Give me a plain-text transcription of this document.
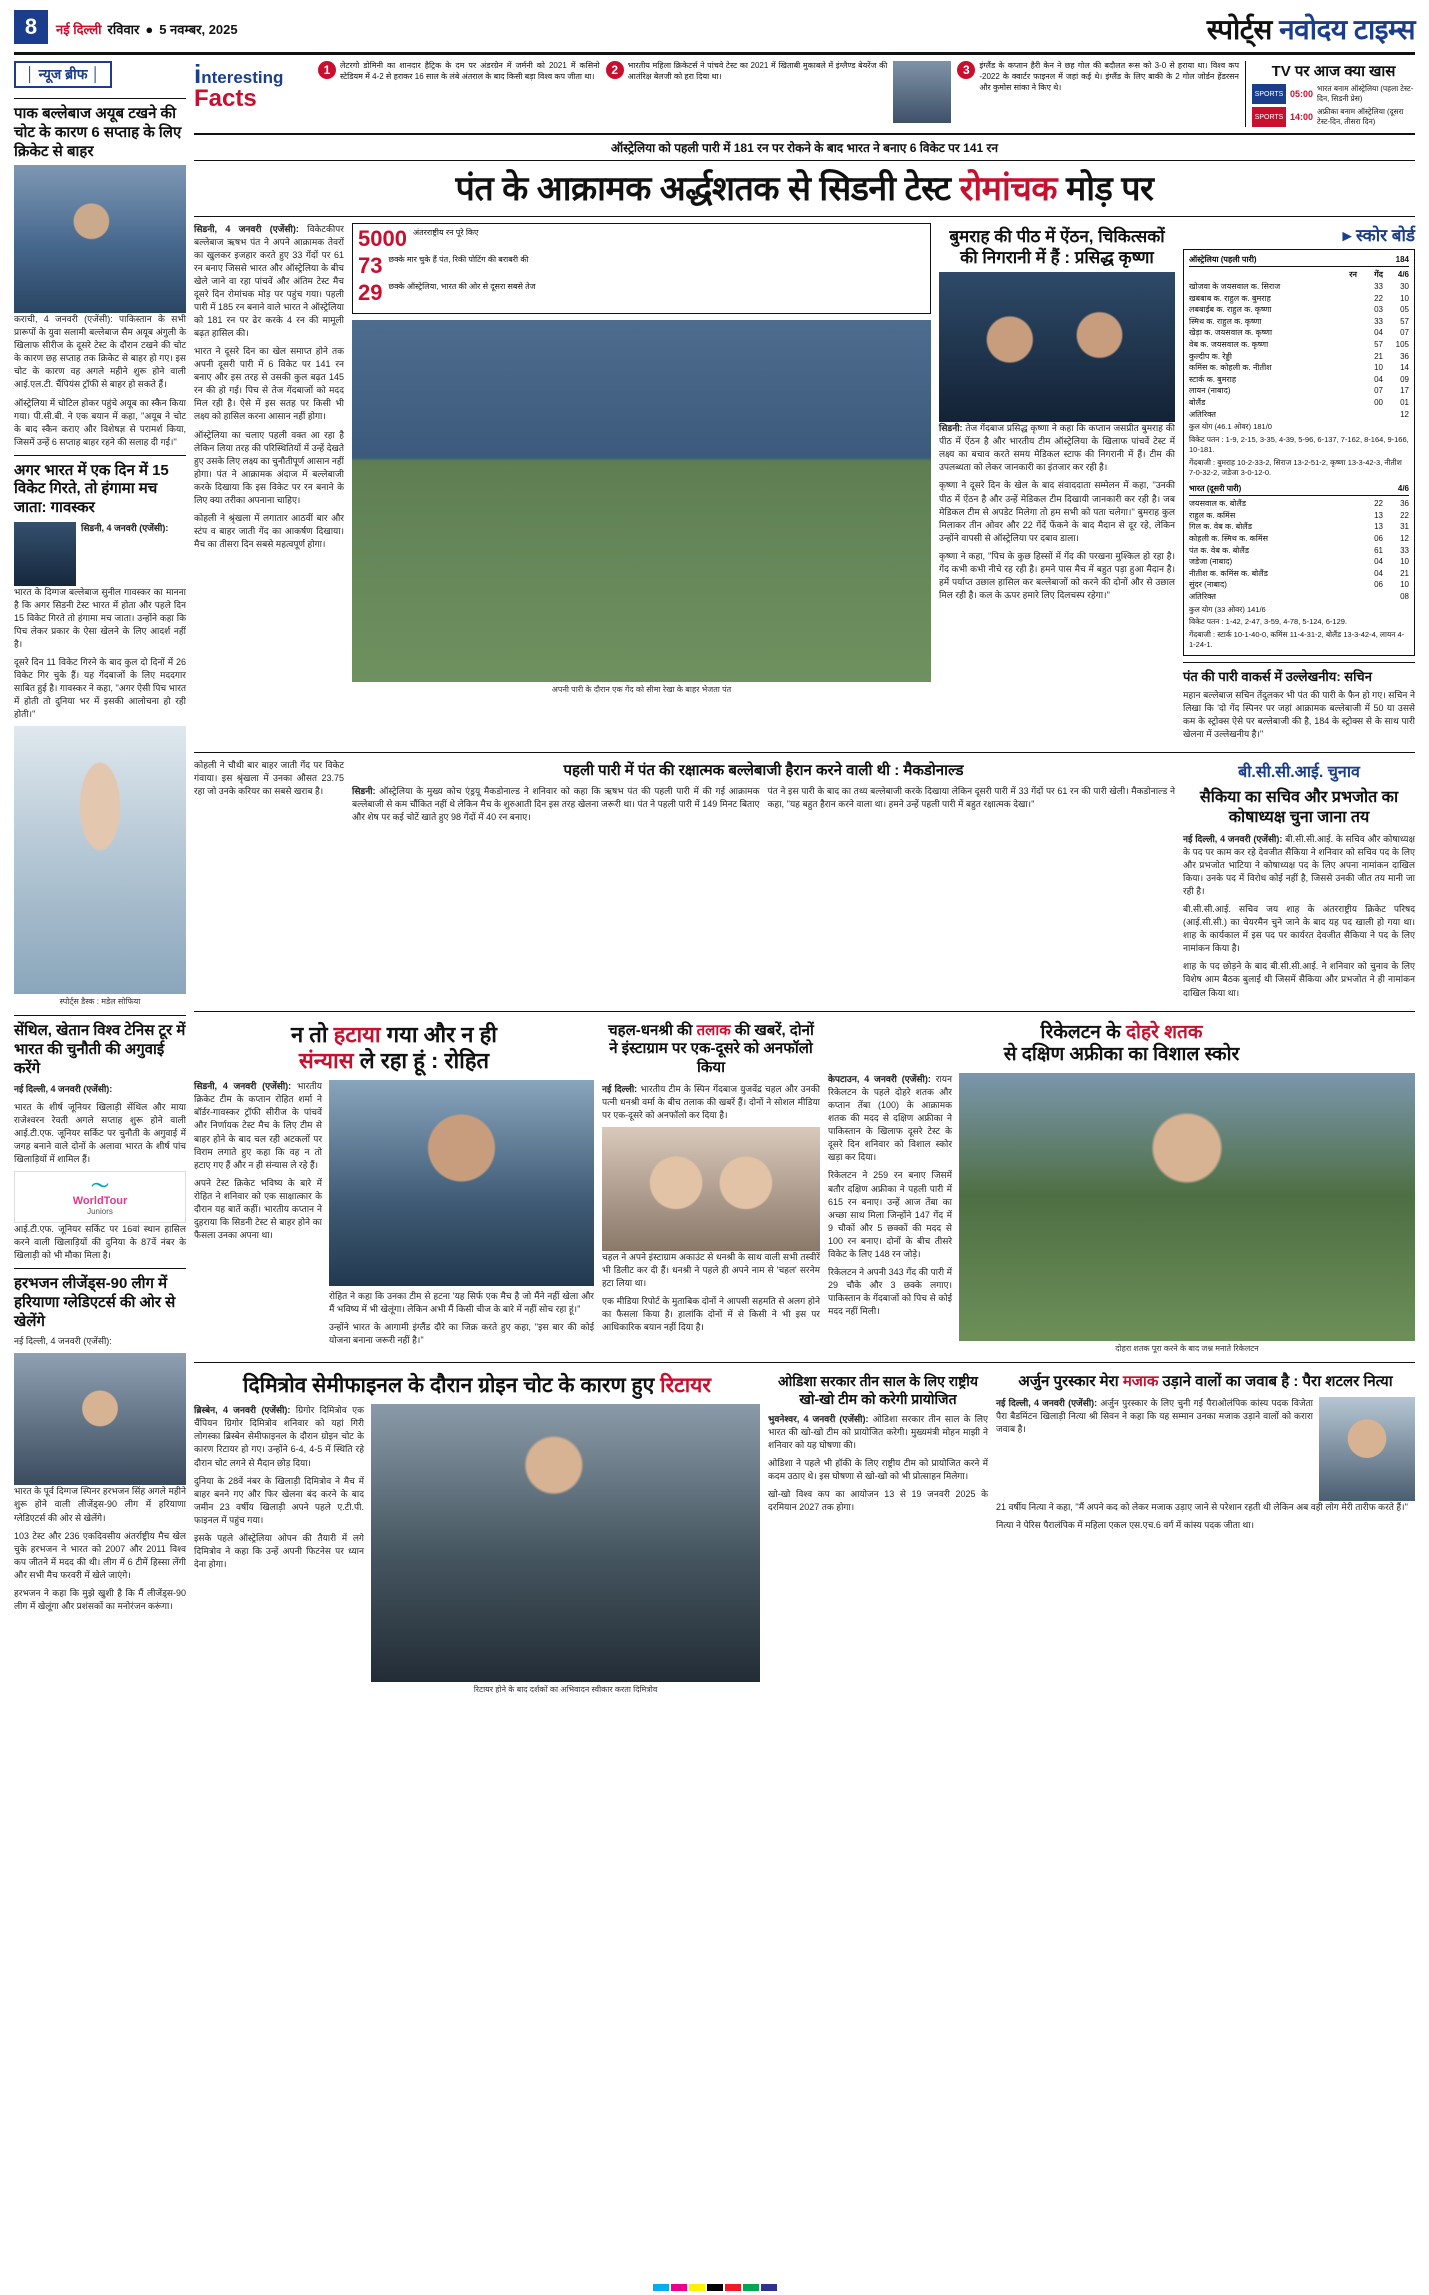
8	नई दिल्ली रविवार ● 5 नवम्बर, 2025	स्पोर्ट्स नवोदय टाइम्स
│ न्यूज ब्रीफ │
पाक बल्लेबाज अयूब टखने की चोट के कारण 6 सप्ताह के लिए क्रिकेट से बाहर

कराची, 4 जनवरी (एजेंसी): पाकिस्तान के सभी प्रारूपों के युवा सलामी बल्लेबाज सैम अयूब अंगुली के खिलाफ सीरीज के दूसरे टेस्ट के दौरान टखने की चोट के कारण छह सप्ताह तक क्रिकेट से बाहर हो गए। इस चोट के कारण वह अगले महीने शुरू होने वाली आई.एल.टी. चैंपियंस ट्रॉफी से बाहर हो सकते हैं।

ऑस्ट्रेलिया में चोटिल होकर पहुंचे अयूब का स्कैन किया गया। पी.सी.बी. ने एक बयान में कहा, ''अयूब ने चोट के बाद स्कैन कराए और विशेषज्ञ से परामर्श किया, जिसमें उन्हें 6 सप्ताह बाहर रहने की सलाह दी गई।''

अगर भारत में एक दिन में 15 विकेट गिरते, तो हंगामा मच जाता: गावस्कर

सिडनी, 4 जनवरी (एजेंसी):

भारत के दिग्गज बल्लेबाज सुनील गावस्कर का मानना है कि अगर सिडनी टेस्ट भारत में होता और पहले दिन 15 विकेट गिरते तो हंगामा मच जाता। उन्होंने कहा कि पिच लेकर प्रकार के ऐसा खेलने के लिए आदर्श नहीं है।

दूसरे दिन 11 विकेट गिरने के बाद कुल दो दिनों में 26 विकेट गिर चुके हैं। यह गेंदबाजों के लिए मददगार साबित हुई है। गावस्कर ने कहा, ''अगर ऐसी पिच भारत में होती तो दुनिया भर में इसकी आलोचना हो रही होती।''

स्पोर्ट्स डैस्क : मडेल सोफिया
सेंथिल, खेतान विश्व टेनिस टूर में भारत की चुनौती की अगुवाई करेंगे

नई दिल्ली, 4 जनवरी (एजेंसी):

भारत के शीर्ष जूनियर खिलाड़ी सेंथिल और माया राजेश्वरन रेवती अगले सप्ताह शुरू होने वाली आई.टी.एफ. जूनियर सर्किट पर चुनौती के अगुवाई में जगह बनाने वाले दोनों के अलावा भारत के शीर्ष पांच खिलाड़ियों में शामिल हैं।

〜
WorldTour
Juniors

आई.टी.एफ. जूनियर सर्किट पर 16वां स्थान हासिल करने वाली खिलाड़ियों की दुनिया के 87वें नंबर के खिलाड़ी को भी मौका मिला है।

हरभजन लीजेंड्स-90 लीग में हरियाणा ग्लेडिएटर्स की ओर से खेलेंगे

नई दिल्ली, 4 जनवरी (एजेंसी):

भारत के पूर्व दिग्गज स्पिनर हरभजन सिंह अगले महीने शुरू होने वाली लीजेंड्स-90 लीग में हरियाणा ग्लेडिएटर्स की ओर से खेलेंगे।

103 टेस्ट और 236 एकदिवसीय अंतर्राष्ट्रीय मैच खेल चुके हरभजन ने भारत को 2007 और 2011 विश्व कप जीतने में मदद की थी। लीग में 6 टीमें हिस्सा लेंगी और सभी मैच फरवरी में खेले जाएंगे।

हरभजन ने कहा कि मुझे खुशी है कि मैं लीजेंड्स-90 लीग में खेलूंगा और प्रशंसकों का मनोरंजन करूंगा।

interesting
Facts
1	लेटरगो डोमिनी का शानदार हैट्रिक के दम पर अंडरग्रेन में जर्मनी को 2021 में कसिनो स्टेडियम में 4-2 से हराकर 16 साल के लंबे अंतराल के बाद किसी बड़ा विश्व कप जीता था।	2	भारतीय महिला क्रिकेटर्स ने पांचवे टेस्ट का 2021 में खिताबी मुकाबले में इंग्लैण्ड बेयरेंज की आतंरिक्ष बेलजी को हरा दिया था।	3	इंग्लैंड के कप्तान हैरी केन ने छह गोल की बदौलत रूस को 3-0 से हराया था। विश्व कप -2022 के क्वार्टर फाइनल में जहां कई थे। इंग्लैंड के लिए बाकी के 2 गोल जोर्डन हेंडरसन और कुमोस सांका ने किए थे।
TV पर आज क्या खास
SPORTS 05:00
भारत बनाम ऑस्ट्रेलिया (पहला टेस्ट-दिन, सिडनी प्रेस)
SPORTS 14:00
अफ्रीका बनाम ऑस्ट्रेलिया (दूसरा टेस्ट-दिन, तीसरा दिन)
ऑस्ट्रेलिया को पहली पारी में 181 रन पर रोकने के बाद भारत ने बनाए 6 विकेट पर 141 रन
पंत के आक्रामक अर्द्धशतक से सिडनी टेस्ट रोमांचक मोड़ पर

सिडनी, 4 जनवरी (एजेंसी): विकेटकीपर बल्लेबाज ऋषभ पंत ने अपने आक्रामक तेवरों का खुलकर इजहार करते हुए 33 गेंदों पर 61 रन बनाए जिससे भारत और ऑस्ट्रेलिया के बीच खेले जाने वा रहा पांचवें और अंतिम टेस्ट मैच दूसरे दिन रोमांचक मोड़ पर पहुंच गया। पहली पारी में 185 रन बनाने वाले भारत ने ऑस्ट्रेलिया को 181 रन पर ढेर करके 4 रन की मामूली बढ़त हासिल की।

भारत ने दूसरे दिन का खेल समाप्त होने तक अपनी दूसरी पारी में 6 विकेट पर 141 रन बनाए और इस तरह से उसकी कुल बढ़त 145 रन की हो गई। पिच से तेज गेंदबाजों को मदद मिल रही है। ऐसे में इस सतह पर किसी भी लक्ष्य को हासिल करना आसान नहीं होगा।

ऑस्ट्रेलिया का चलाए पहली वक्त आ रहा है लेकिन लिया तरह की परिस्थितियों में उन्हें देखते हुए उसके लिए लक्ष्य का चुनौतीपूर्ण आसान नहीं होगा। पंत ने आक्रामक अंदाज में बल्लेबाजी करके दिखाया कि इस विकेट पर रन बनाने के लिए क्या तरीका अपनाना चाहिए।

कोहली ने श्रृंखला में लगातार आठवीं बार और स्टंप व बाहर जाती गेंद का आकर्षण दिखाया। मैच का तीसरा दिन सबसे महत्वपूर्ण होगा।

5000 अंतरराष्ट्रीय रन पूरे किए
73 छक्के मार चुके हैं पंत, रिकी पोटिंग की बराबरी की
29 छक्के ऑस्ट्रेलिया, भारत की ओर से दूसरा सबसे तेज
अपनी पारी के दौरान एक गेंद को सीमा रेखा के बाहर भेजता पंत
बुमराह की पीठ में ऐंठन, चिकित्सकों की निगरानी में हैं : प्रसिद्ध कृष्णा

सिडनी: तेज गेंदबाज प्रसिद्ध कृष्णा ने कहा कि कप्तान जसप्रीत बुमराह की पीठ में ऐंठन है और भारतीय टीम ऑस्ट्रेलिया के खिलाफ पांचवें टेस्ट में लक्ष्य का बचाव करते समय मेडिकल स्टाफ की निगरानी में हैं। टीम की उपलब्धता को लेकर जानकारी का इंतजार कर रही है।

कृष्णा ने दूसरे दिन के खेल के बाद संवाददाता सम्मेलन में कहा, ''उनकी पीठ में ऐंठन है और उन्हें मेडिकल टीम दिखायी जानकारी कर रही है। जब मेडिकल टीम से अपडेट मिलेगा तो हम सभी को पता चलेगा।'' बुमराह कुल मिलाकर तीन ओवर और 22 गेंदें फेंकने के बाद मैदान से दूर रहे, लेकिन उन्होंने वापसी से ऑस्ट्रेलिया पर दबाव डाला।

कृष्णा ने कहा, ''पिच के कुछ हिस्सों में गेंद की परखना मुश्किल हो रहा है। गेंद कभी कभी नीचे रह रही है। हमने पास मैच में बहुत पड़ा हुआ मैदान है। हमें पर्याप्त उछाल हासिल कर बल्लेबाजों को करने की दोनों और से उछाल मिल रही है। कल के ऊपर हमारे लिए दिलचस्प रहेगा।''

▸ स्कोर बोर्ड
ऑस्ट्रेलिया (पहली पारी)	184
रन	गेंद	4/6
खोजवा के जयसवाल क. सिराज	33	30
खबबाब क. राहुल क. बुमराह	22	10
लबबाईब क. राहुल क. कृष्णा	03	05
स्मिथ क. राहुल क. कृष्णा	33	57
खेड़ा क. जयसवाल क. कृष्णा	04	07
वेब क. जयसवाल क. कृष्णा	57	105
कुल्दीप क. रेड्डी	21	36
कमिंस क. कोहली क. नीतीश	10	14
स्टार्क क. बुमराह	04	09
लायन (नाबाद)	07	17
बोलैंड	00	01
अतिरिक्त	12
कुल योग (46.1 ओवर) 181/0
विकेट पतन : 1-9, 2-15, 3-35, 4-39, 5-96, 6-137, 7-162, 8-164, 9-166, 10-181.
गेंदबाजी : बुमराह 10-2-33-2, सिराज 13-2-51-2, कृष्णा 13-3-42-3, नीतीश 7-0-32-2, जडेजा 3-0-12-0.
भारत (दूसरी पारी)	4/6
जयसवाल क. बोलैंड	22	36
राहुल क. कमिंस	13	22
गिल क. वेब क. बोलैंड	13	31
कोहली क. स्मिथ क. कमिंस	06	12
पंत क. वेब क. बोलैंड	61	33
जडेजा (नाबाद)	04	10
नीतीश क. कमिंस क. बोलैंड	04	21
सुंदर (नाबाद)	06	10
अतिरिक्त	08
कुल योग (33 ओवर) 141/6
विकेट पतन : 1-42, 2-47, 3-59, 4-78, 5-124, 6-129.
गेंदबाजी : स्टार्क 10-1-40-0, कमिंस 11-4-31-2, बोलैंड 13-3-42-4, लायन 4-1-24-1.
पंत की पारी वाकर्स में उल्लेखनीय: सचिन

महान बल्लेबाज सचिन तेंदुलकर भी पंत की पारी के फैन हो गए। सचिन ने लिखा कि 'दो गेंद स्पिनर पर जहां आक्रामक बल्लेबाजी में 50 या उससे कम के स्ट्रोक्स ऐसे पर बल्लेबाजी की है, 184 के स्ट्रोक्स से के साथ पारी खेलना में उल्लेखनीय है।''

कोहली ने चौथी बार बाहर जाती गेंद पर विकेट गंवाया। इस श्रृंखला में उनका औसत 23.75 रहा जो उनके करियर का सबसे खराब है।

पहली पारी में पंत की रक्षात्मक बल्लेबाजी हैरान करने वाली थी : मैकडोनाल्ड

सिडनी: ऑस्ट्रेलिया के मुख्य कोच एंड्रयू मैकडोनाल्ड ने शनिवार को कहा कि ऋषभ पंत की पहली पारी में की गई आक्रामक बल्लेबाजी से कम चौंकित नहीं थे लेकिन मैच के शुरुआती दिन इस तरह खेलना जरूरी था। पंत ने पहली पारी में 149 मिनट बिताए और शेष पर कई चोटें खाते हुए 98 गेंदों में 40 रन बनाए।

पंत ने इस पारी के बाद का तथ्य बल्लेबाजी करके दिखाया लेकिन दूसरी पारी में 33 गेंदों पर 61 रन की पारी खेली। मैकडोनाल्ड ने कहा, ''यह बहुत हैरान करने वाला था। हमने उन्हें पहली पारी में बहुत रक्षात्मक देखा।''

बी.सी.सी.आई. चुनाव
सैकिया का सचिव और प्रभजोत का कोषाध्यक्ष चुना जाना तय

नई दिल्ली, 4 जनवरी (एजेंसी): बी.सी.सी.आई. के सचिव और कोषाध्यक्ष के पद पर काम कर रहे देवजीत सैकिया ने शनिवार को सचिव पद के लिए और प्रभजोत भाटिया ने कोषाध्यक्ष पद के लिए अपना नामांकन दाखिल किया। उनके पद में विरोध कोई नहीं है, जिससे उनकी जीत तय मानी जा रही है।

बी.सी.सी.आई. सचिव जय शाह के अंतरराष्ट्रीय क्रिकेट परिषद (आई.सी.सी.) का चेयरमैन चुने जाने के बाद यह पद खाली हो गया था। शाह के कार्यकाल में इस पद पर कार्यरत देवजीत सैकिया ने पद के लिए नामांकन किया है।

शाह के पद छोड़ने के बाद बी.सी.सी.आई. ने शनिवार को चुनाव के लिए विशेष आम बैठक बुलाई थी जिसमें सैकिया और प्रभजोत ने ही नामांकन दाखिल किया था।

न तो हटाया गया और न ही
संन्यास ले रहा हूं : रोहित

सिडनी, 4 जनवरी (एजेंसी): भारतीय क्रिकेट टीम के कप्तान रोहित शर्मा ने बॉर्डर-गावस्कर ट्रॉफी सीरीज के पांचवें और निर्णायक टेस्ट मैच के लिए टीम से बाहर होने के बाद चल रही अटकलों पर विराम लगाते हुए कहा कि वह न तो हटाए गए हैं और न ही संन्यास ले रहे हैं।

अपने टेस्ट क्रिकेट भविष्य के बारे में रोहित ने शनिवार को एक साक्षात्कार के दौरान यह बातें कहीं। भारतीय कप्तान ने दुहराया कि सिडनी टेस्ट से बाहर होने का फैसला उनका अपना था।

रोहित ने कहा कि उनका टीम से हटना 'यह सिर्फ एक मैच है जो मैंने नहीं खेला और मैं भविष्य में भी खेलूंगा। लेकिन अभी मैं किसी चीज के बारे में नहीं सोच रहा हूं।''

उन्होंने भारत के आगामी इंग्लैंड दौरे का जिक्र करते हुए कहा, ''इस बार की कोई योजना बनाना जरूरी नहीं है।''

चहल-धनश्री की तलाक की खबरें, दोनों ने इंस्टाग्राम पर एक-दूसरे को अनफॉलो किया

नई दिल्ली: भारतीय टीम के स्पिन गेंदबाज युजवेंद्र चहल और उनकी पत्नी धनश्री वर्मा के बीच तलाक की खबरें हैं। दोनों ने सोशल मीडिया पर एक-दूसरे को अनफॉलो कर दिया है।

चहल ने अपने इंस्टाग्राम अकाउंट से धनश्री के साथ वाली सभी तस्वीरें भी डिलीट कर दी हैं। धनश्री ने पहले ही अपने नाम से 'चहल' सरनेम हटा लिया था।

एक मीडिया रिपोर्ट के मुताबिक दोनों ने आपसी सहमति से अलग होने का फैसला किया है। हालांकि दोनों में से किसी ने भी इस पर आधिकारिक बयान नहीं दिया है।

रिकेलटन के दोहरे शतक
से दक्षिण अफ्रीका का विशाल स्कोर

केपटाउन, 4 जनवरी (एजेंसी): रायन रिकेलटन के पहले दोहरे शतक और कप्तान तेंबा (100) के आक्रामक शतक की मदद से दक्षिण अफ्रीका ने पाकिस्तान के खिलाफ दूसरे टेस्ट के दूसरे दिन शनिवार को विशाल स्कोर खड़ा कर दिया।

रिकेलटन ने 259 रन बनाए जिसमें बतौर दक्षिण अफ्रीका ने पहली पारी में 615 रन बनाए। उन्हें आज तेंबा का अच्छा साथ मिला जिन्होंने 147 गेंद में 9 चौकों और 5 छक्कों की मदद से 100 रन बनाए। दोनों के बीच तीसरे विकेट के लिए 148 रन जोड़े।

रिकेलटन ने अपनी 343 गेंद की पारी में 29 चौके और 3 छक्के लगाए। पाकिस्तान के गेंदबाजों को पिच से कोई मदद नहीं मिली।

दोहरा शतक पूरा करने के बाद जश्न मनाते रिकेलटन
दिमित्रोव सेमीफाइनल के दौरान ग्रोइन चोट के कारण हुए रिटायर

ब्रिस्बेन, 4 जनवरी (एजेंसी): ग्रिगोर दिमित्रोव एक चैंपियन ग्रिगोर दिमित्रोव शनिवार को यहां गिरी लोगस्का ब्रिस्बेन सेमीफाइनल के दौरान ग्रोइन चोट के कारण रिटायर हो गए। उन्होंने 6-4, 4-5 में स्थिति रहे दौरान चोट लगने से मैदान छोड़ दिया।

दुनिया के 28वें नंबर के खिलाड़ी दिमित्रोव ने मैच में बाहर बनने गए और फिर खेलना बंद करने के बाद जमीन 23 वर्षीय खिलाड़ी अपने पहले ए.टी.पी. फाइनल में पहुंच गया।

इसके पहले ऑस्ट्रेलिया ओपन की तैयारी में लगे दिमित्रोव ने कहा कि उन्हें अपनी फिटनेस पर ध्यान देना होगा।

रिटायर होने के बाद दर्शकों का अभिवादन स्वीकार करता दिमित्रोव
ओडिशा सरकार तीन साल के लिए राष्ट्रीय खो-खो टीम को करेगी प्रायोजित

भुवनेश्वर, 4 जनवरी (एजेंसी): ओडिशा सरकार तीन साल के लिए भारत की खो-खो टीम को प्रायोजित करेगी। मुख्यमंत्री मोहन माझी ने शनिवार को यह घोषणा की।

ओडिशा ने पहले भी हॉकी के लिए राष्ट्रीय टीम को प्रायोजित करने में कदम उठाए थे। इस घोषणा से खो-खो को भी प्रोत्साहन मिलेगा।

खो-खो विश्व कप का आयोजन 13 से 19 जनवरी 2025 के दरमियान 2027 तक होगा।

अर्जुन पुरस्कार मेरा मजाक उड़ाने वालों का जवाब है : पैरा शटलर नित्या

नई दिल्ली, 4 जनवरी (एजेंसी): अर्जुन पुरस्कार के लिए चुनी गई पैराओलंपिक कांस्य पदक विजेता पैरा बैडमिंटन खिलाड़ी नित्या श्री सिवन ने कहा कि यह सम्मान उनका मजाक उड़ाने वालों को करारा जवाब है।

21 वर्षीय नित्या ने कहा, ''मैं अपने कद को लेकर मजाक उड़ाए जाने से परेशान रहती थी लेकिन अब वही लोग मेरी तारीफ करते हैं।''

नित्या ने पेरिस पैरालंपिक में महिला एकल एस.एच.6 वर्ग में कांस्य पदक जीता था।
